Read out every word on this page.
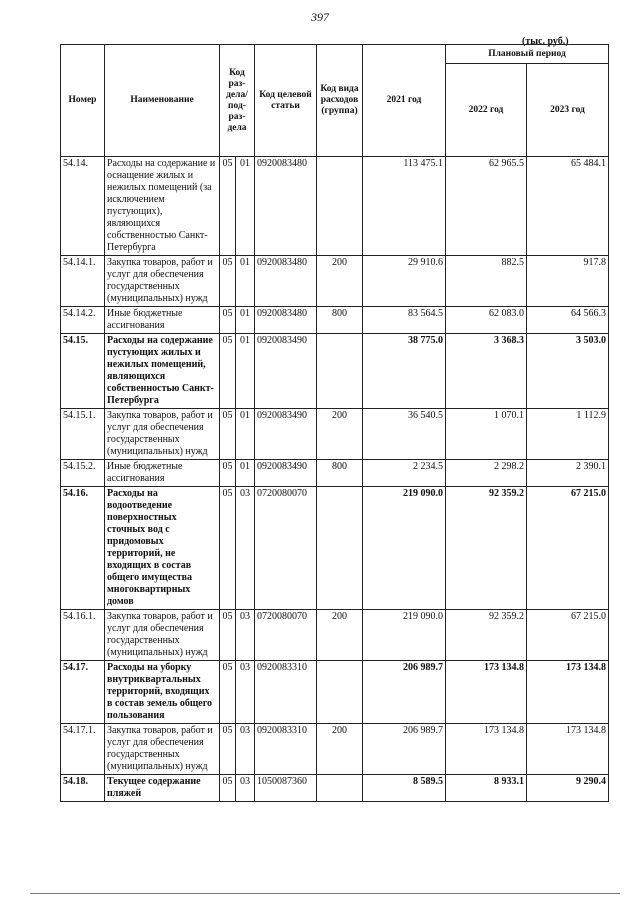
397
(тыс. руб.)
Номер	Наименование	Код раз-дела/ под-раз-дела		Код целевой статьи	Код вида расходов (группа)	2021 год	Плановый период	
							2022 год	2023 год
54.14.	Расходы на содержание и оснащение жилых и нежилых помещений (за исключением пустующих), являющихся собственностью Санкт-Петербурга	05	01	0920083480		113 475.1	62 965.5	65 484.1
54.14.1.	Закупка товаров, работ и услуг для обеспечения государственных (муниципальных) нужд	05	01	0920083480	200	29 910.6	882.5	917.8
54.14.2.	Иные бюджетные ассигнования	05	01	0920083480	800	83 564.5	62 083.0	64 566.3
54.15.	Расходы на содержание пустующих жилых и нежилых помещений, являющихся собственностью Санкт-Петербурга	05	01	0920083490		38 775.0	3 368.3	3 503.0
54.15.1.	Закупка товаров, работ и услуг для обеспечения государственных (муниципальных) нужд	05	01	0920083490	200	36 540.5	1 070.1	1 112.9
54.15.2.	Иные бюджетные ассигнования	05	01	0920083490	800	2 234.5	2 298.2	2 390.1
54.16.	Расходы на водоотведение поверхностных сточных вод с придомовых территорий, не входящих в состав общего имущества многоквартирных домов	05	03	0720080070		219 090.0	92 359.2	67 215.0
54.16.1.	Закупка товаров, работ и услуг для обеспечения государственных (муниципальных) нужд	05	03	0720080070	200	219 090.0	92 359.2	67 215.0
54.17.	Расходы на уборку внутриквартальных территорий, входящих в состав земель общего пользования	05	03	0920083310		206 989.7	173 134.8	173 134.8
54.17.1.	Закупка товаров, работ и услуг для обеспечения государственных (муниципальных) нужд	05	03	0920083310	200	206 989.7	173 134.8	173 134.8
54.18.	Текущее содержание пляжей	05	03	1050087360		8 589.5	8 933.1	9 290.4
